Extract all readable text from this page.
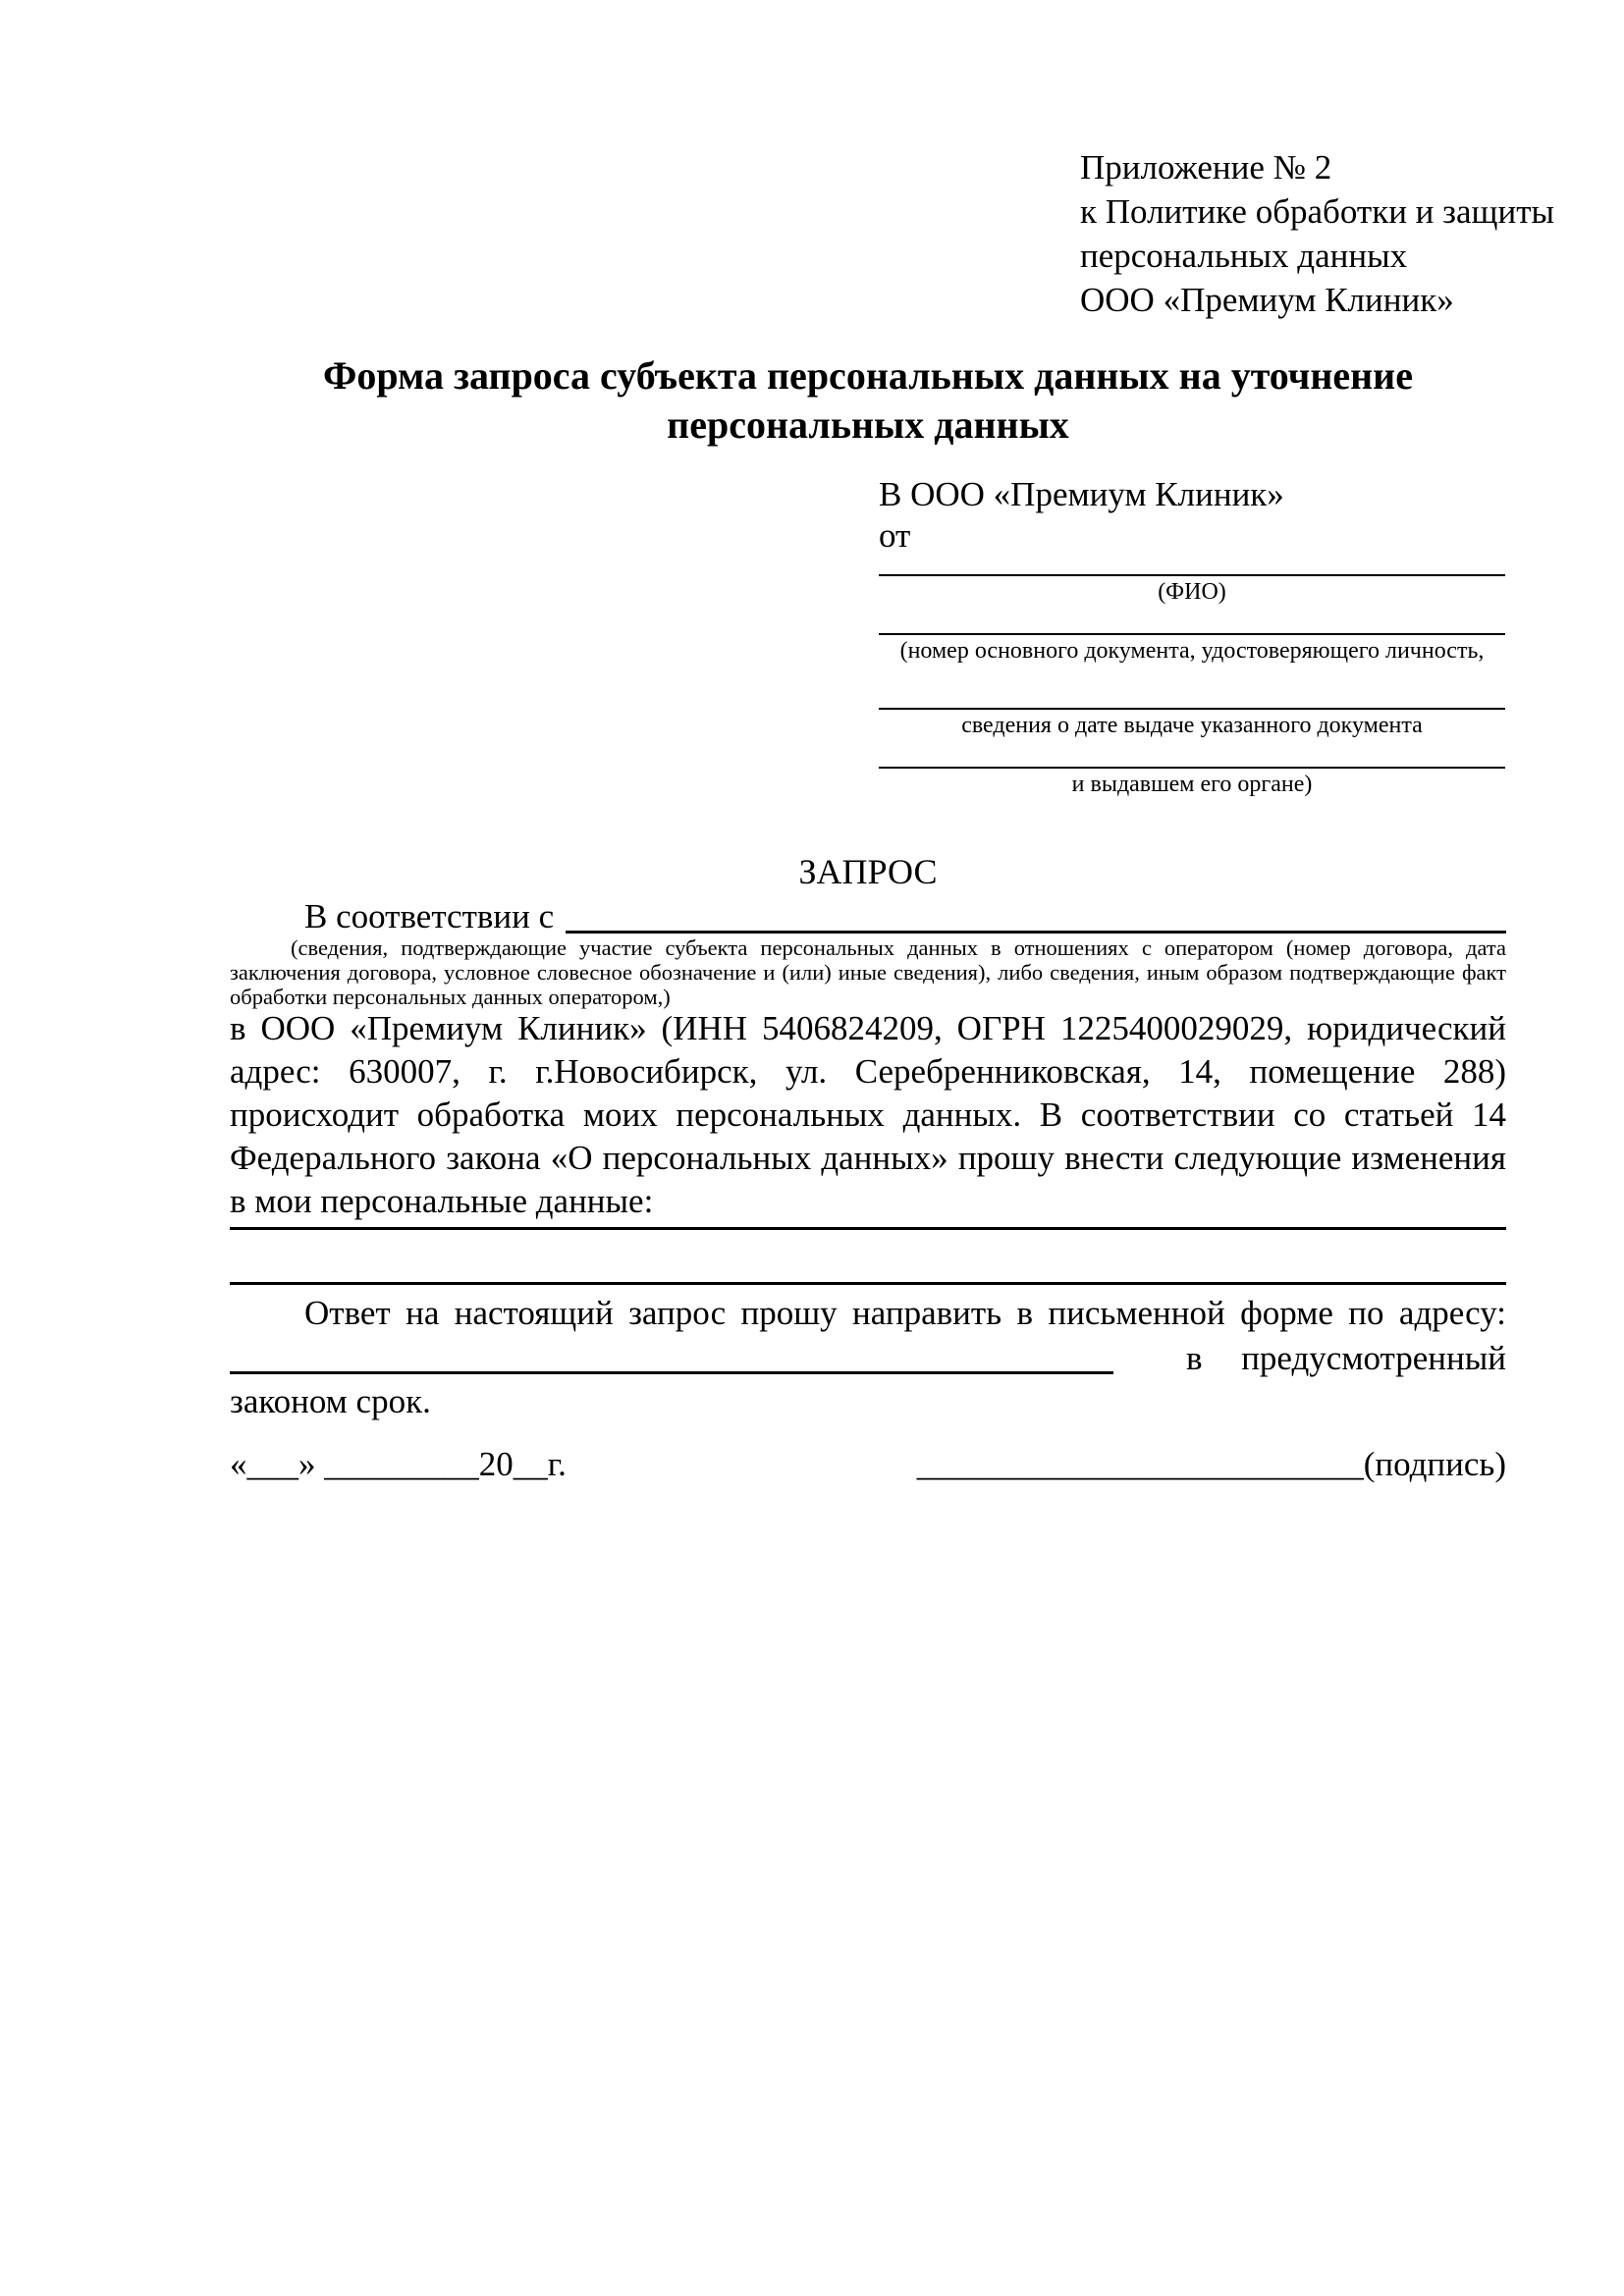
Приложение № 2
к Политике обработки и защиты
персональных данных
ООО «Премиум Клиник»
Форма запроса субъекта персональных данных на уточнение персональных данных
В ООО «Премиум Клиник»
от
(ФИО)
(номер основного документа, удостоверяющего личность,
сведения о дате выдаче указанного документа
и выдавшем его органе)
ЗАПРОС
В соответствии с
(сведения, подтверждающие участие субъекта персональных данных в отношениях с оператором (номер договора, дата заключения договора, условное словесное обозначение и (или) иные сведения), либо сведения, иным образом подтверждающие факт обработки персональных данных оператором,)
в ООО «Премиум Клиник» (ИНН 5406824209, ОГРН 1225400029029, юридический адрес: 630007, г. г.Новосибирск, ул. Серебренниковская, 14, помещение 288) происходит обработка моих персональных данных. В соответствии со статьей 14 Федерального закона «О персональных данных» прошу внести следующие изменения в мои персональные данные:
Ответ на настоящий запрос прошу направить в письменной форме по адресу:
в предусмотренный
законом срок.
«___» _________20__г.	__________________________(подпись)
